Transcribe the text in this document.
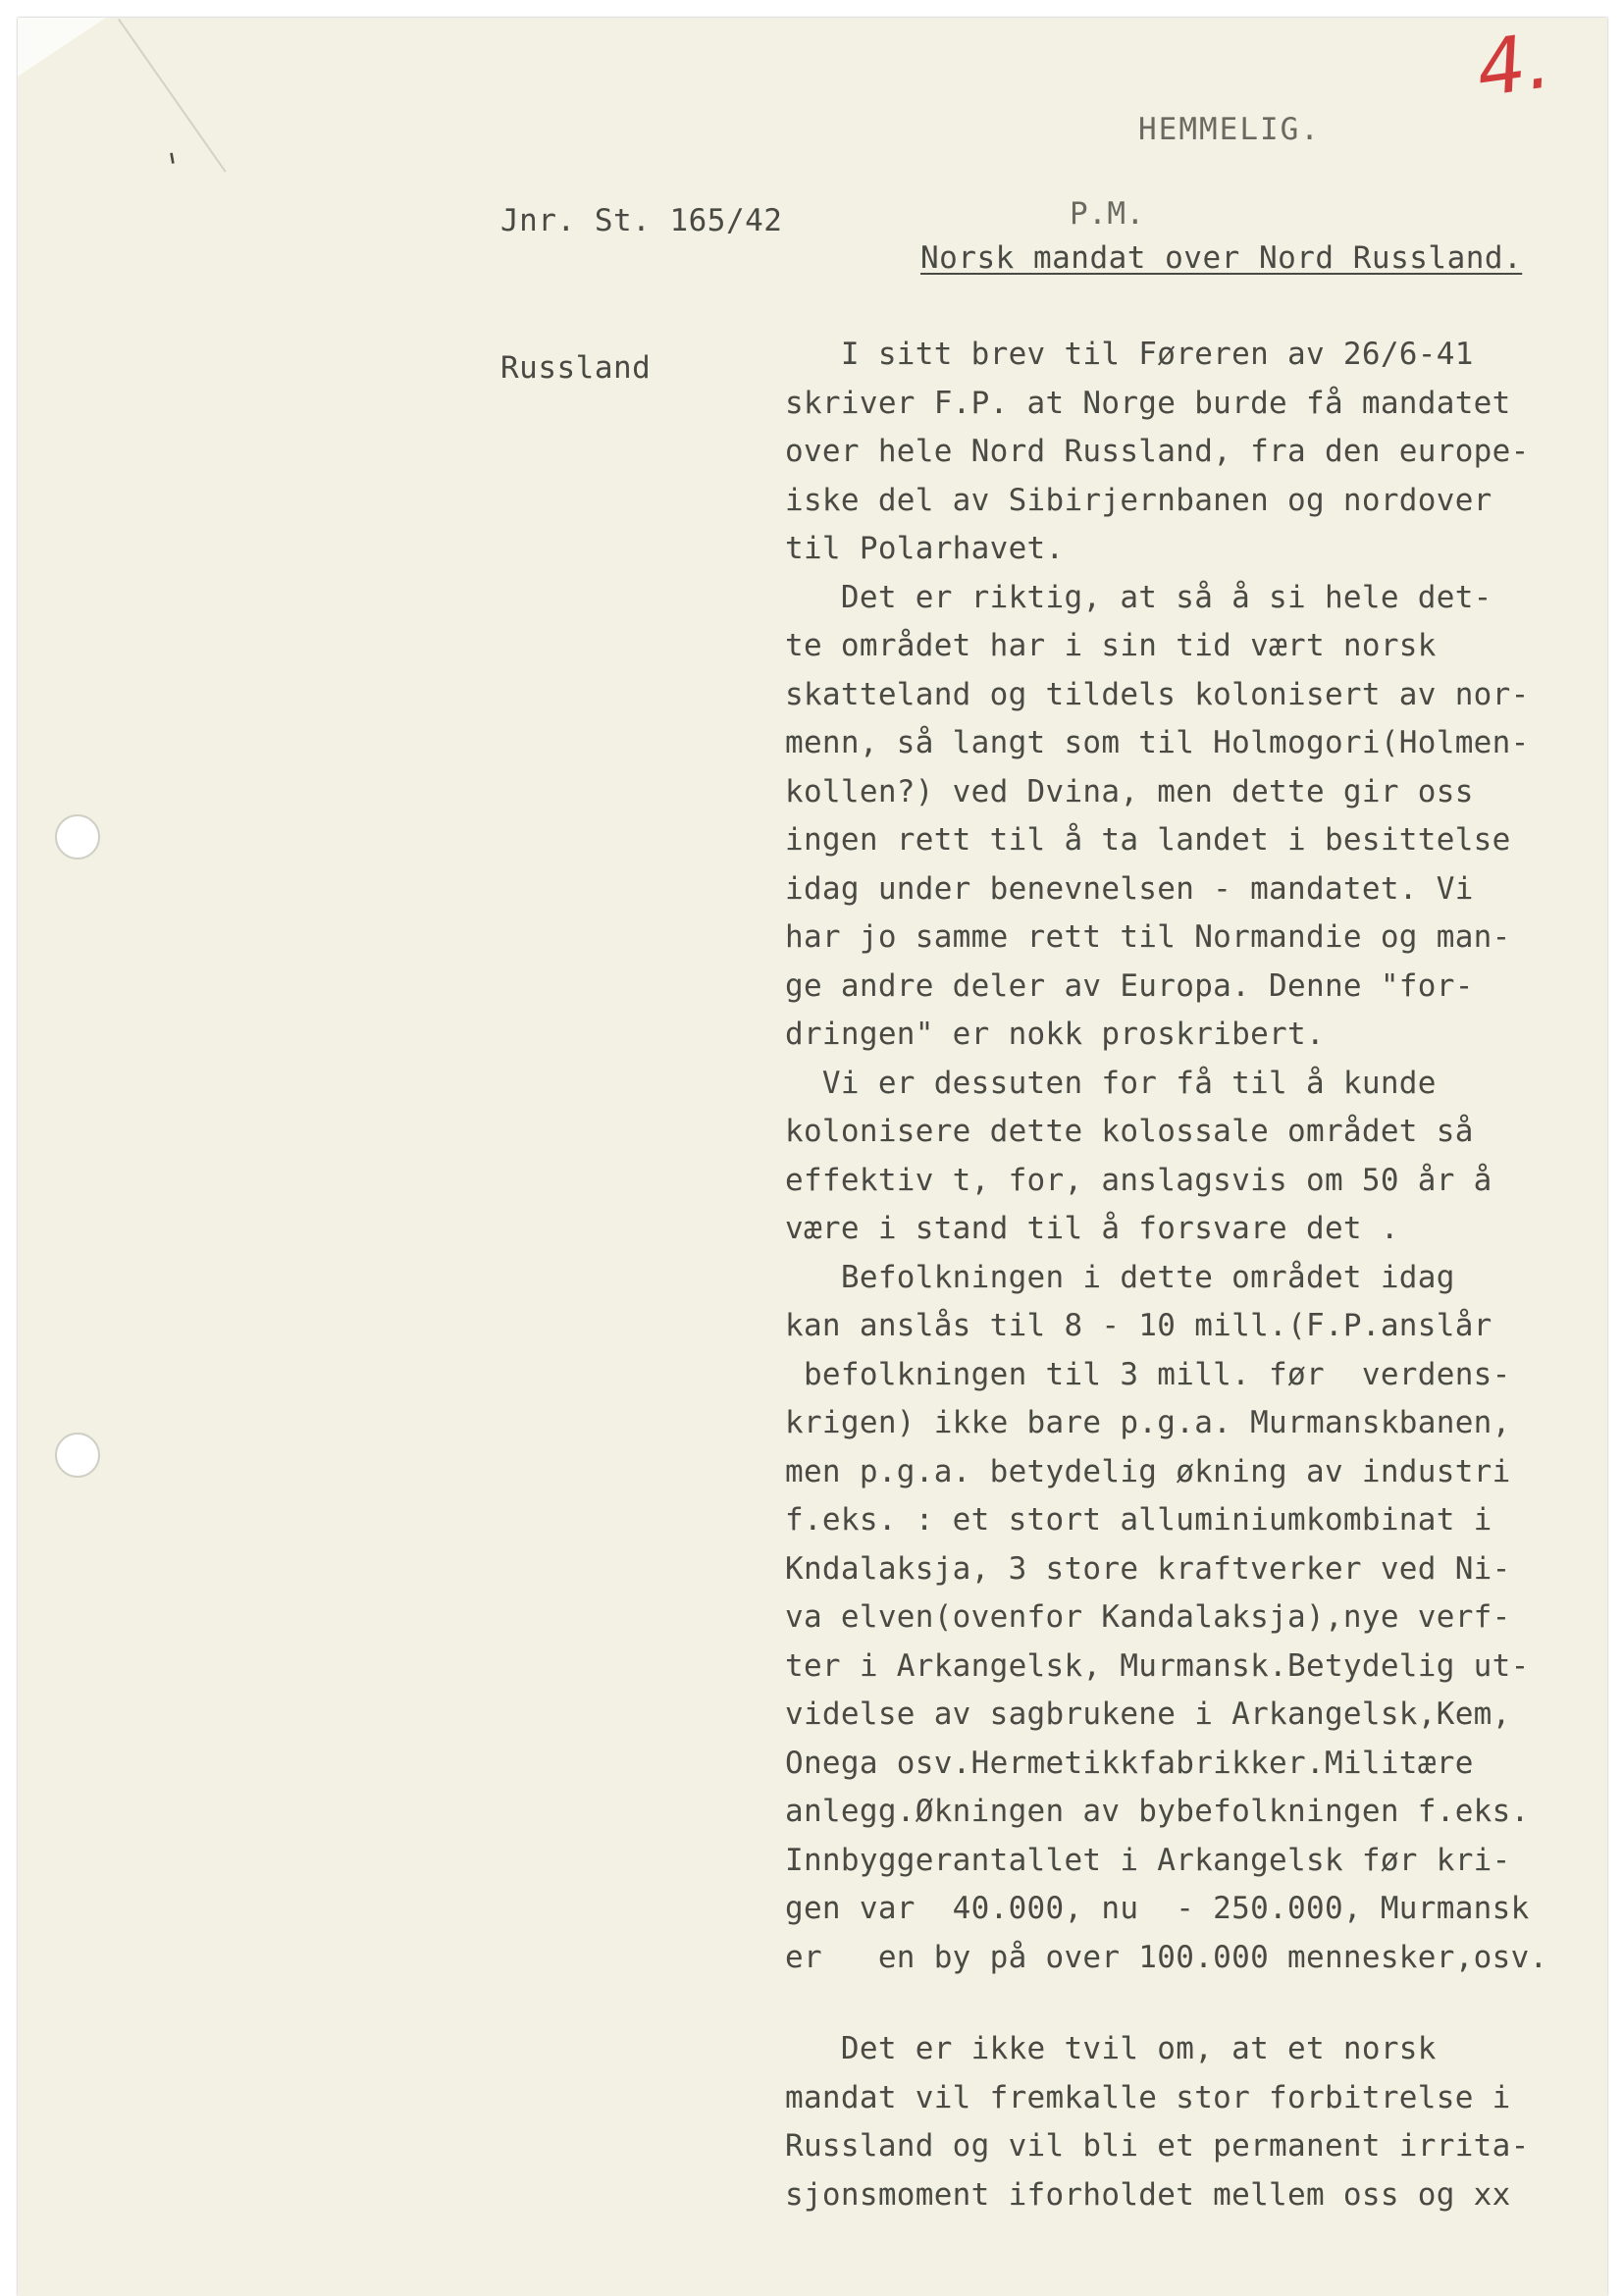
ˈ

Jnr. St. 165/42

Russland

HEMMELIG.
4.
P.M.
Norsk mandat over Nord Russland.
I sitt brev til Føreren av 26/6-41
skriver F.P. at Norge burde få mandatet
over hele Nord Russland, fra den europe-
iske del av Sibirjernbanen og nordover
til Polarhavet.
Det er riktig, at så å si hele det-
te området har i sin tid vært norsk
skatteland og tildels kolonisert av nor-
menn, så langt som til Holmogori(Holmen-
kollen?) ved Dvina, men dette gir oss
ingen rett til å ta landet i besittelse
idag under benevnelsen - mandatet. Vi
har jo samme rett til Normandie og man-
ge andre deler av Europa. Denne "for-
dringen" er nokk proskribert.
Vi er dessuten for få til å kunde
kolonisere dette kolossale området så
effektiv t, for, anslagsvis om 50 år å
være i stand til å forsvare det .
Befolkningen i dette området idag
kan anslås til 8 - 10 mill.(F.P.anslår
befolkningen til 3 mill. før  verdens-
krigen) ikke bare p.g.a. Murmanskbanen,
men p.g.a. betydelig økning av industri
f.eks. : et stort alluminiumkombinat i
Kndalaksja, 3 store kraftverker ved Ni-
va elven(ovenfor Kandalaksja),nye verf-
ter i Arkangelsk, Murmansk.Betydelig ut-
videlse av sagbrukene i Arkangelsk,Kem,
Onega osv.Hermetikkfabrikker.Militære
anlegg.Økningen av bybefolkningen f.eks.
Innbyggerantallet i Arkangelsk før kri-
gen var  40.000, nu  - 250.000, Murmansk
er   en by på over 100.000 mennesker,osv.
Det er ikke tvil om, at et norsk
mandat vil fremkalle stor forbitrelse i
Russland og vil bli et permanent irrita-
sjonsmoment iforholdet mellem oss og xx
